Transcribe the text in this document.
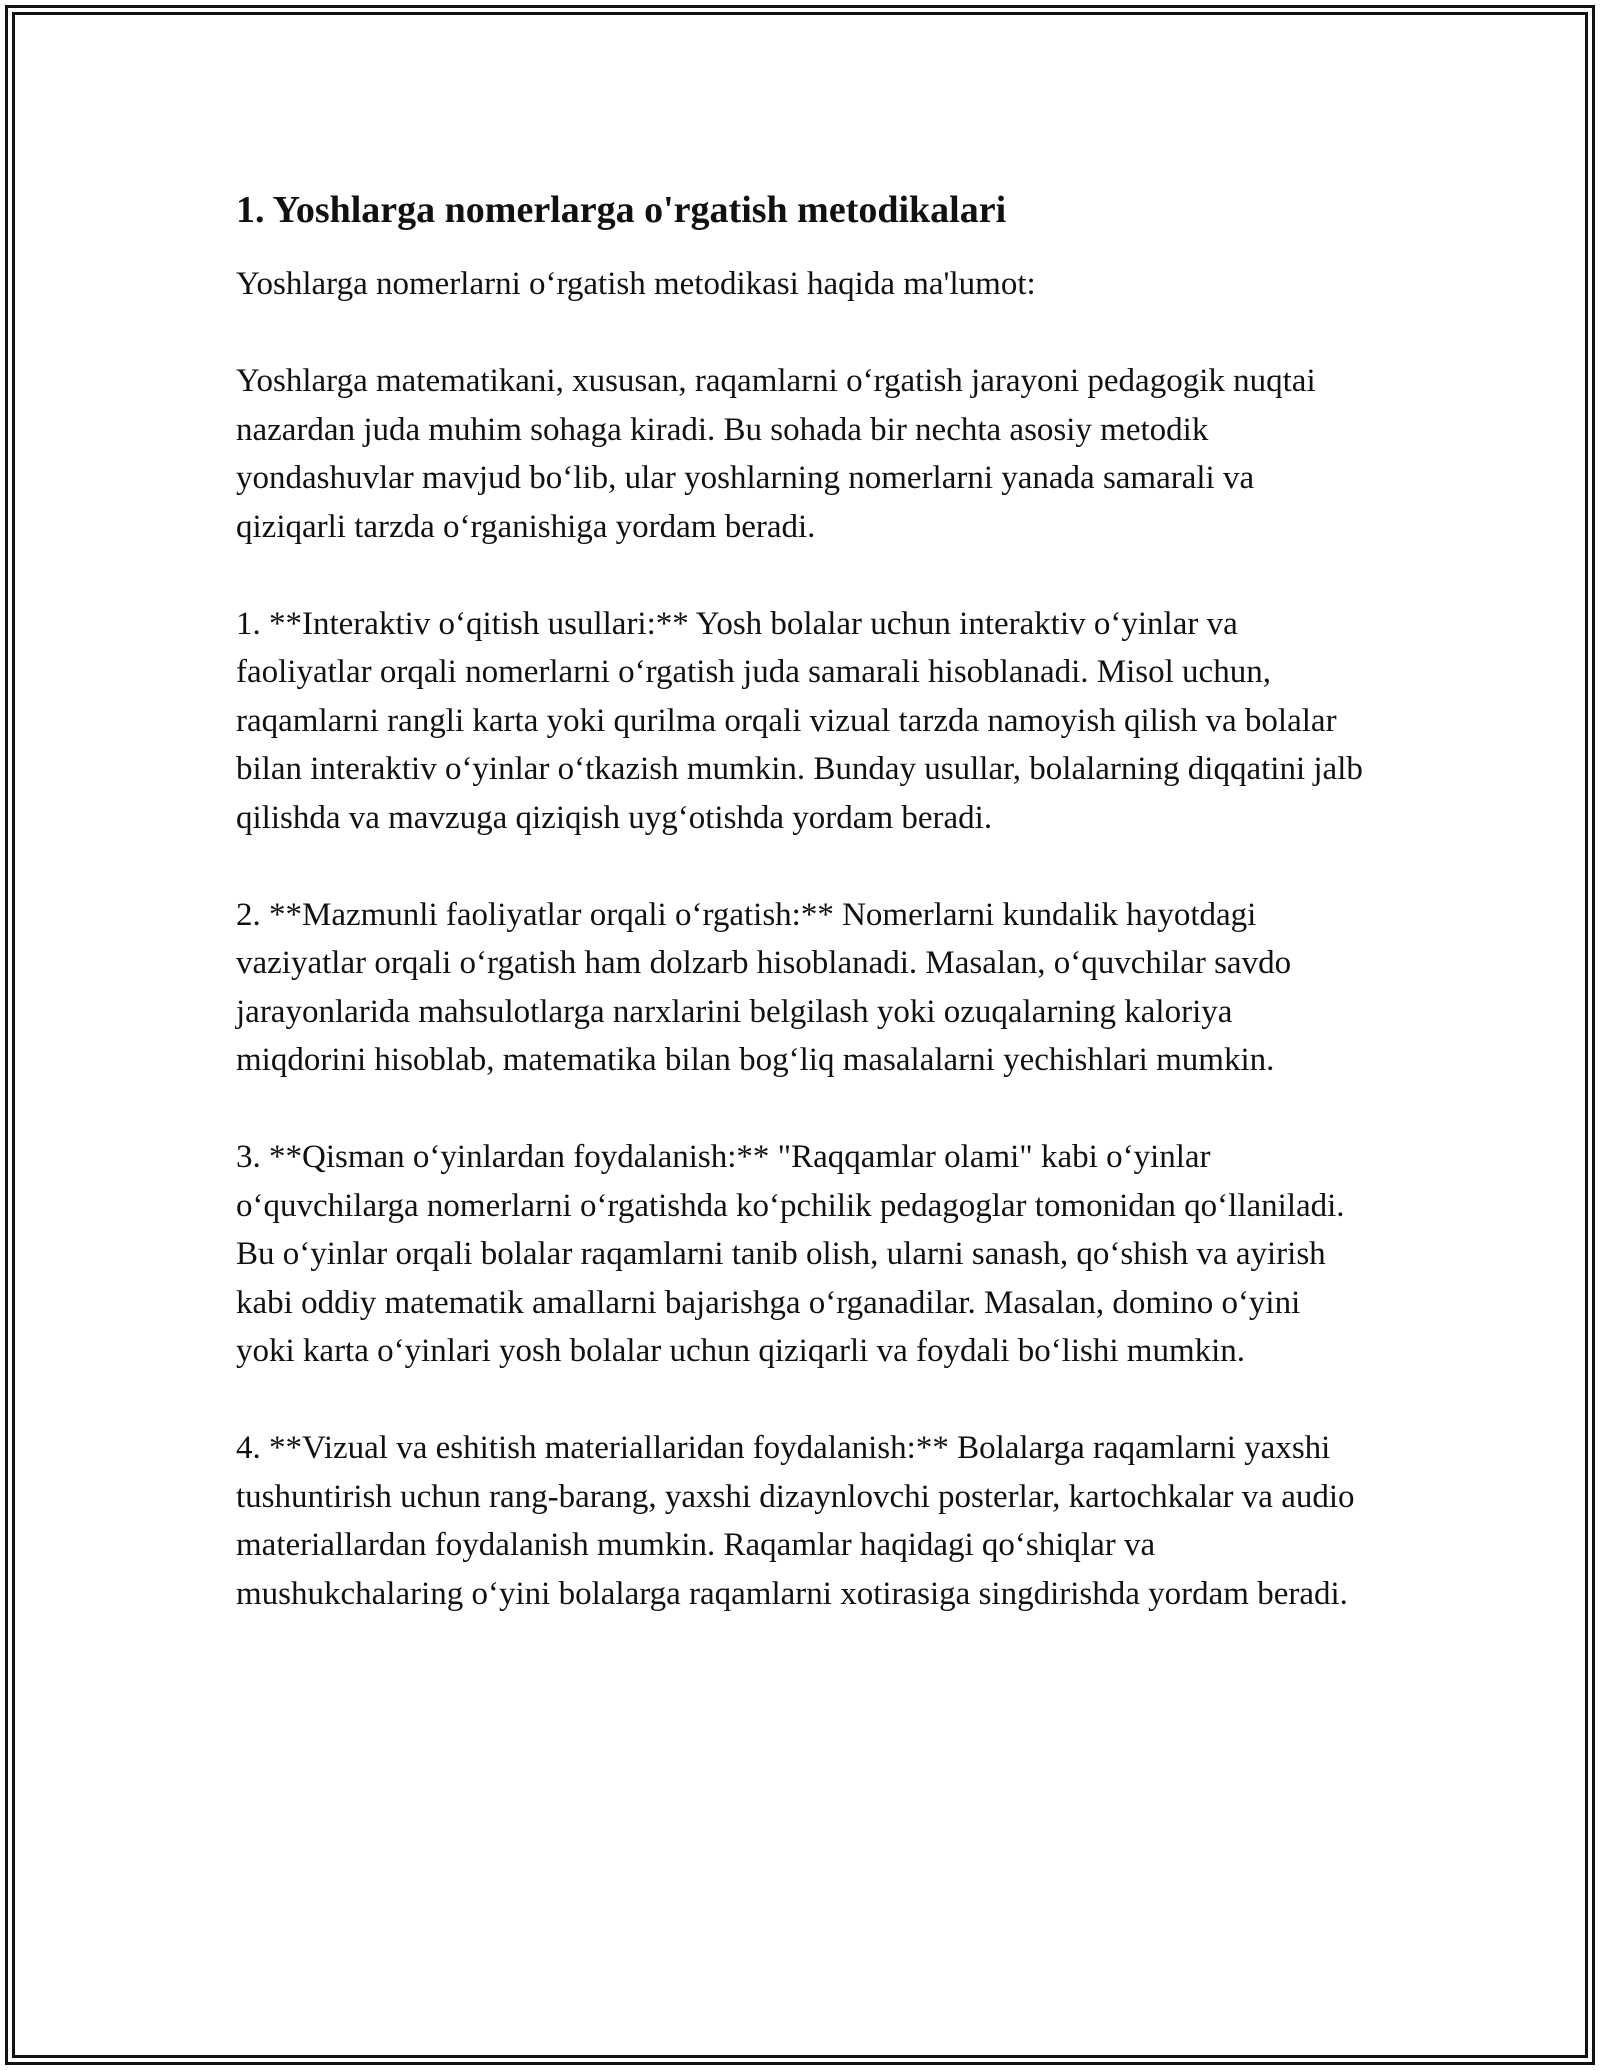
1. Yoshlarga nomerlarga o'rgatish metodikalari

Yoshlarga nomerlarni o‘rgatish metodikasi haqida ma'lumot:

Yoshlarga matematikani, xususan, raqamlarni o‘rgatish jarayoni pedagogik nuqtai nazardan juda muhim sohaga kiradi. Bu sohada bir nechta asosiy metodik yondashuvlar mavjud bo‘lib, ular yoshlarning nomerlarni yanada samarali va qiziqarli tarzda o‘rganishiga yordam beradi.

1. **Interaktiv o‘qitish usullari:** Yosh bolalar uchun interaktiv o‘yinlar va faoliyatlar orqali nomerlarni o‘rgatish juda samarali hisoblanadi. Misol uchun, raqamlarni rangli karta yoki qurilma orqali vizual tarzda namoyish qilish va bolalar bilan interaktiv o‘yinlar o‘tkazish mumkin. Bunday usullar, bolalarning diqqatini jalb qilishda va mavzuga qiziqish uyg‘otishda yordam beradi.

2. **Mazmunli faoliyatlar orqali o‘rgatish:** Nomerlarni kundalik hayotdagi vaziyatlar orqali o‘rgatish ham dolzarb hisoblanadi. Masalan, o‘quvchilar savdo jarayonlarida mahsulotlarga narxlarini belgilash yoki ozuqalarning kaloriya miqdorini hisoblab, matematika bilan bog‘liq masalalarni yechishlari mumkin.

3. **Qisman o‘yinlardan foydalanish:** "Raqqamlar olami" kabi o‘yinlar o‘quvchilarga nomerlarni o‘rgatishda ko‘pchilik pedagoglar tomonidan qo‘llaniladi. Bu o‘yinlar orqali bolalar raqamlarni tanib olish, ularni sanash, qo‘shish va ayirish kabi oddiy matematik amallarni bajarishga o‘rganadilar. Masalan, domino o‘yini yoki karta o‘yinlari yosh bolalar uchun qiziqarli va foydali bo‘lishi mumkin.

4. **Vizual va eshitish materiallaridan foydalanish:** Bolalarga raqamlarni yaxshi tushuntirish uchun rang-barang, yaxshi dizaynlovchi posterlar, kartochkalar va audio materiallardan foydalanish mumkin. Raqamlar haqidagi qo‘shiqlar va mushukchalaring o‘yini bolalarga raqamlarni xotirasiga singdirishda yordam beradi.
